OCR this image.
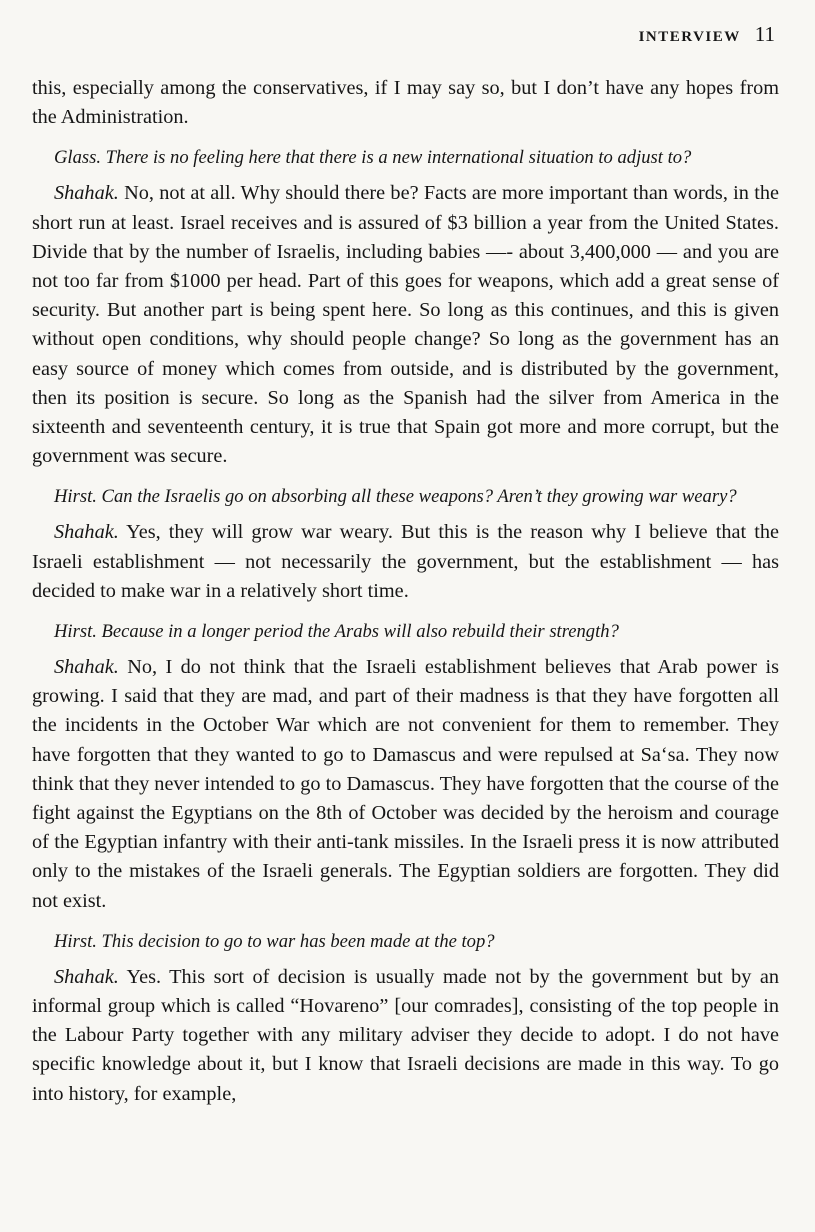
INTERVIEW 11

this, especially among the conservatives, if I may say so, but I don’t have any hopes from the Administration.

Glass. There is no feeling here that there is a new international situation to adjust to?

Shahak. No, not at all. Why should there be? Facts are more important than words, in the short run at least. Israel receives and is assured of $3 billion a year from the United States. Divide that by the number of Israelis, including babies —- about 3,400,000 — and you are not too far from $1000 per head. Part of this goes for weapons, which add a great sense of security. But another part is being spent here. So long as this continues, and this is given without open conditions, why should people change? So long as the government has an easy source of money which comes from outside, and is distributed by the government, then its position is secure. So long as the Spanish had the silver from America in the sixteenth and seventeenth century, it is true that Spain got more and more corrupt, but the government was secure.

Hirst. Can the Israelis go on absorbing all these weapons? Aren’t they growing war weary?

Shahak. Yes, they will grow war weary. But this is the reason why I believe that the Israeli establishment — not necessarily the government, but the establishment — has decided to make war in a relatively short time.

Hirst. Because in a longer period the Arabs will also rebuild their strength?

Shahak. No, I do not think that the Israeli establishment believes that Arab power is growing. I said that they are mad, and part of their madness is that they have forgotten all the incidents in the October War which are not convenient for them to remember. They have forgotten that they wanted to go to Damascus and were repulsed at Sa‘sa. They now think that they never intended to go to Damascus. They have forgotten that the course of the fight against the Egyptians on the 8th of October was decided by the heroism and courage of the Egyptian infantry with their anti-tank missiles. In the Israeli press it is now attributed only to the mistakes of the Israeli generals. The Egyptian soldiers are forgotten. They did not exist.

Hirst. This decision to go to war has been made at the top?

Shahak. Yes. This sort of decision is usually made not by the government but by an informal group which is called “Hovareno” [our comrades], consisting of the top people in the Labour Party together with any military adviser they decide to adopt. I do not have specific knowledge about it, but I know that Israeli decisions are made in this way. To go into history, for example,
